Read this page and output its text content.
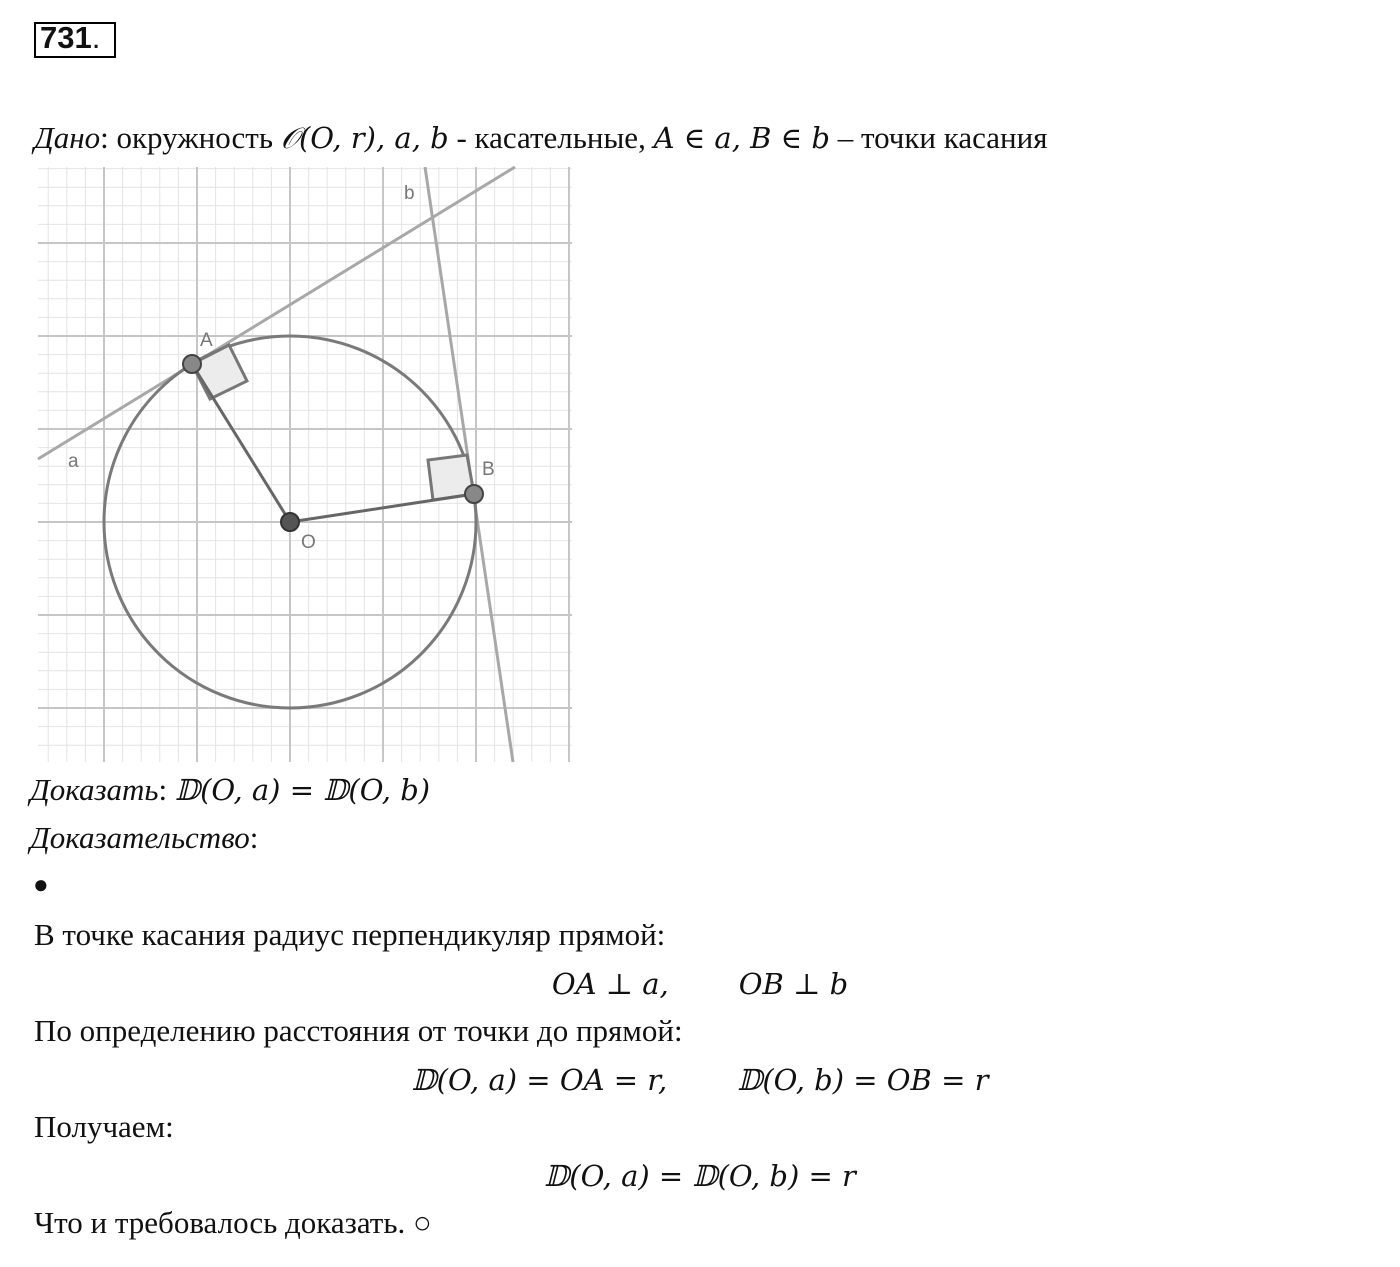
731.
Дано: окружность 𝒪(O, r), a, b - касательные, A ∈ a, B ∈ b – точки касания
a
b
A
B
O
Доказать: 𝔻(O, a) = 𝔻(O, b)
Доказательство:
●
В точке касания радиус перпендикуляр прямой:
OA ⊥ a, OB ⊥ b
По определению расстояния от точки до прямой:
𝔻(O, a) = OA = r, 𝔻(O, b) = OB = r
Получаем:
𝔻(O, a) = 𝔻(O, b) = r
Что и требовалось доказать. ○
